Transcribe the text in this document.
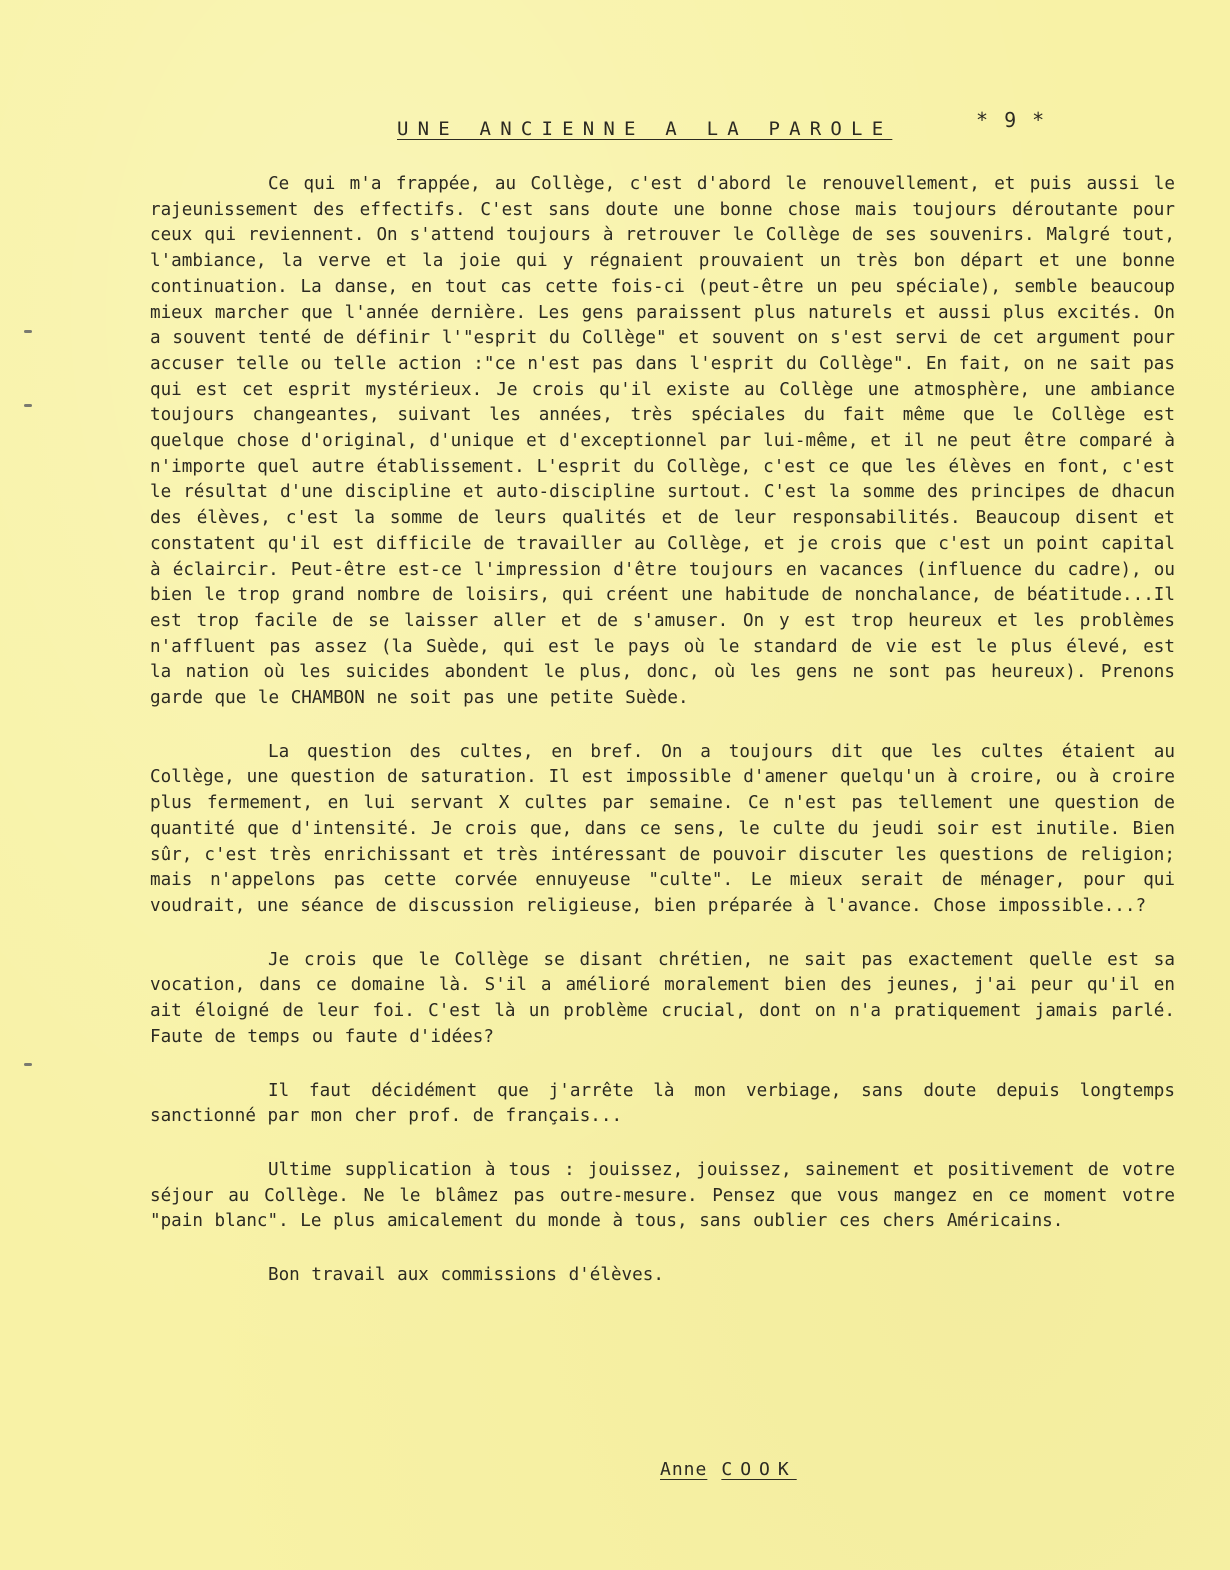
UNE ANCIENNE A LA PAROLE	* 9 *

Ce qui m'a frappée, au Collège, c'est d'abord le renouvellement, et puis aussi le rajeunissement des effectifs. C'est sans doute une bonne chose mais toujours déroutante pour ceux qui reviennent. On s'attend toujours à retrouver le Collège de ses souvenirs. Malgré tout, l'ambiance, la verve et la joie qui y régnaient prouvaient un très bon départ et une bonne continuation. La danse, en tout cas cette fois-ci (peut-être un peu spéciale), semble beaucoup mieux marcher que l'année dernière. Les gens paraissent plus naturels et aussi plus excités. On a souvent tenté de définir l'"esprit du Collège" et souvent on s'est servi de cet argument pour accuser telle ou telle action :"ce n'est pas dans l'esprit du Collège". En fait, on ne sait pas qui est cet esprit mystérieux. Je crois qu'il existe au Collège une atmosphère, une ambiance toujours changeantes, suivant les années, très spéciales du fait même que le Collège est quelque chose d'original, d'unique et d'exceptionnel par lui-même, et il ne peut être comparé à n'importe quel autre établissement. L'esprit du Collège, c'est ce que les élèves en font, c'est le résultat d'une discipline et auto-discipline surtout. C'est la somme des principes de dhacun des élèves, c'est la somme de leurs qualités et de leur responsabilités. Beaucoup disent et constatent qu'il est difficile de travailler au Collège, et je crois que c'est un point capital à éclaircir. Peut-être est-ce l'impression d'être toujours en vacances (influence du cadre), ou bien le trop grand nombre de loisirs, qui créent une habitude de nonchalance, de béatitude...Il est trop facile de se laisser aller et de s'amuser. On y est trop heureux et les problèmes n'affluent pas assez (la Suède, qui est le pays où le standard de vie est le plus élevé, est la nation où les suicides abondent le plus, donc, où les gens ne sont pas heureux). Prenons garde que le CHAMBON ne soit pas une petite Suède.

La question des cultes, en bref. On a toujours dit que les cultes étaient au Collège, une question de saturation. Il est impossible d'amener quelqu'un à croire, ou à croire plus fermement, en lui servant X cultes par semaine. Ce n'est pas tellement une question de quantité que d'intensité. Je crois que, dans ce sens, le culte du jeudi soir est inutile. Bien sûr, c'est très enrichissant et très intéressant de pouvoir discuter les questions de religion; mais n'appelons pas cette corvée ennuyeuse "culte". Le mieux serait de ménager, pour qui voudrait, une séance de discussion religieuse, bien préparée à l'avance. Chose impossible...?

Je crois que le Collège se disant chrétien, ne sait pas exactement quelle est sa vocation, dans ce domaine là. S'il a amélioré moralement bien des jeunes, j'ai peur qu'il en ait éloigné de leur foi. C'est là un problème crucial, dont on n'a pratiquement jamais parlé. Faute de temps ou faute d'idées?

Il faut décidément que j'arrête là mon verbiage, sans doute depuis longtemps sanctionné par mon cher prof. de français...

Ultime supplication à tous : jouissez, jouissez, sainement et positivement de votre séjour au Collège. Ne le blâmez pas outre-mesure. Pensez que vous mangez en ce moment votre "pain blanc". Le plus amicalement du monde à tous, sans oublier ces chers Américains.

Bon travail aux commissions d'élèves.

Anne COOK
